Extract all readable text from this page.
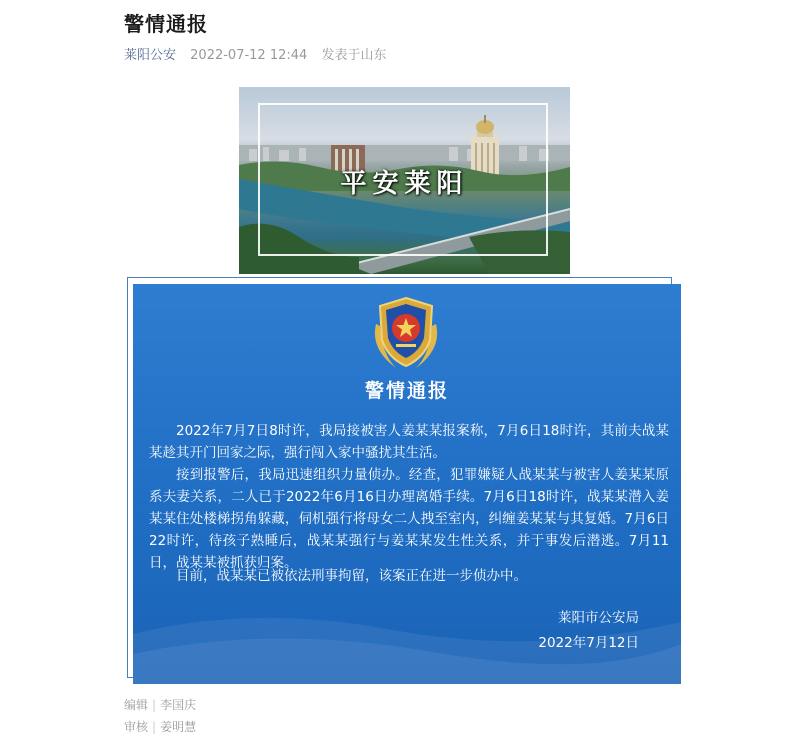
警情通报
莱阳公安 2022-07-12 12:44 发表于山东
平安莱阳
警情通报

2022年7月7日8时许，我局接被害人姜某某报案称，7月6日18时许，其前夫战某某趁其开门回家之际，强行闯入家中骚扰其生活。

接到报警后，我局迅速组织力量侦办。经查，犯罪嫌疑人战某某与被害人姜某某原系夫妻关系，二人已于2022年6月16日办理离婚手续。7月6日18时许，战某某潜入姜某某住处楼梯拐角躲藏，伺机强行将母女二人拽至室内，纠缠姜某某与其复婚。7月6日22时许，待孩子熟睡后，战某某强行与姜某某发生性关系，并于事发后潜逃。7月11日，战某某被抓获归案。

目前，战某某已被依法刑事拘留，该案正在进一步侦办中。

莱阳市公安局
2022年7月12日
编辑 | 李国庆
审核 | 姜明慧
